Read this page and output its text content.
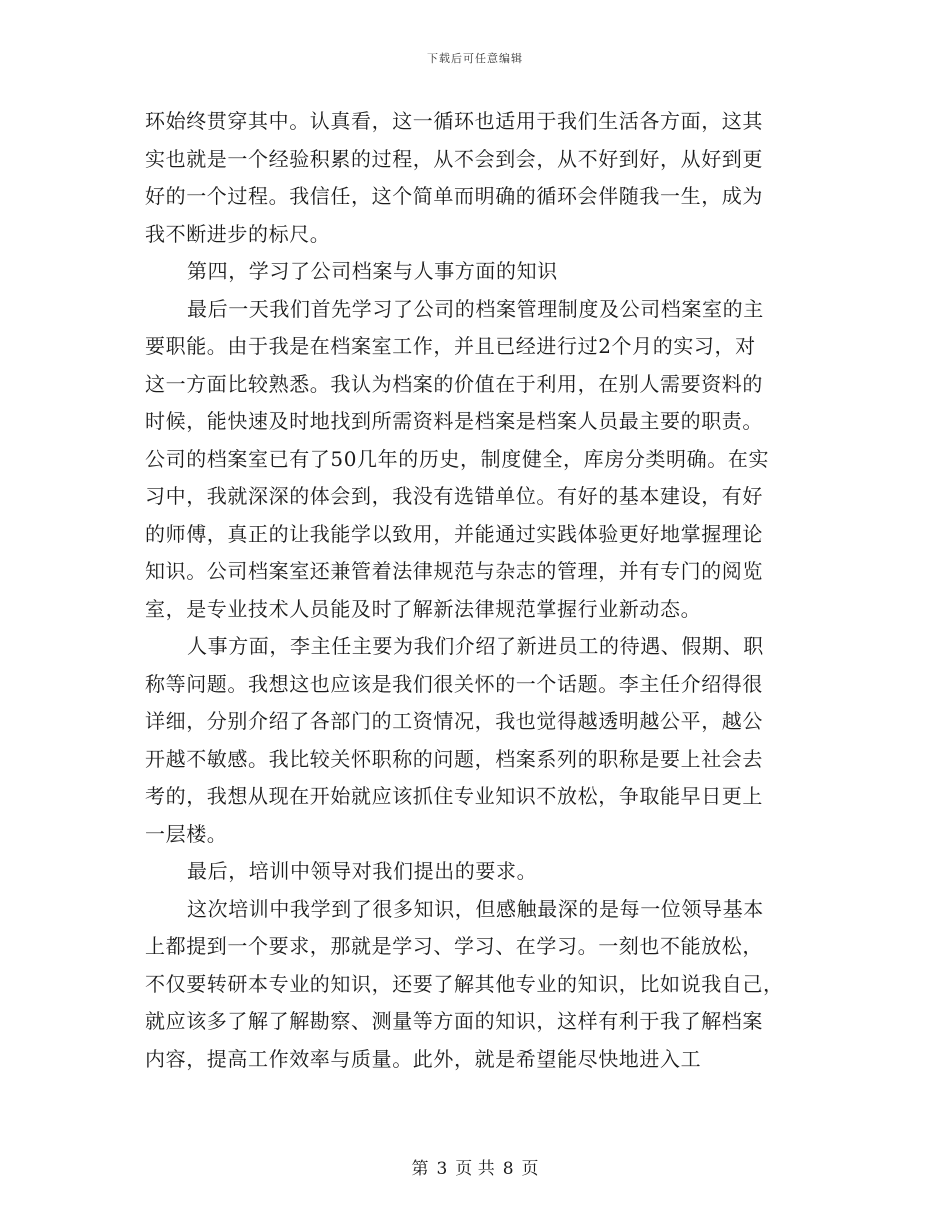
下载后可任意编辑
环始终贯穿其中。认真看，这一循环也适用于我们生活各方面，这其
实也就是一个经验积累的过程，从不会到会，从不好到好，从好到更
好的一个过程。我信任，这个简单而明确的循环会伴随我一生，成为
我不断进步的标尺。
第四，学习了公司档案与人事方面的知识
最后一天我们首先学习了公司的档案管理制度及公司档案室的主
要职能。由于我是在档案室工作，并且已经进行过2个月的实习，对
这一方面比较熟悉。我认为档案的价值在于利用，在别人需要资料的
时候，能快速及时地找到所需资料是档案是档案人员最主要的职责。
公司的档案室已有了50几年的历史，制度健全，库房分类明确。在实
习中，我就深深的体会到，我没有选错单位。有好的基本建设，有好
的师傅，真正的让我能学以致用，并能通过实践体验更好地掌握理论
知识。公司档案室还兼管着法律规范与杂志的管理，并有专门的阅览
室，是专业技术人员能及时了解新法律规范掌握行业新动态。
人事方面，李主任主要为我们介绍了新进员工的待遇、假期、职
称等问题。我想这也应该是我们很关怀的一个话题。李主任介绍得很
详细，分别介绍了各部门的工资情况，我也觉得越透明越公平，越公
开越不敏感。我比较关怀职称的问题，档案系列的职称是要上社会去
考的，我想从现在开始就应该抓住专业知识不放松，争取能早日更上
一层楼。
最后，培训中领导对我们提出的要求。
这次培训中我学到了很多知识，但感触最深的是每一位领导基本
上都提到一个要求，那就是学习、学习、在学习。一刻也不能放松，
不仅要转研本专业的知识，还要了解其他专业的知识，比如说我自己，
就应该多了解了解勘察、测量等方面的知识，这样有利于我了解档案
内容，提高工作效率与质量。此外，就是希望能尽快地进入工
第 3 页 共 8 页
